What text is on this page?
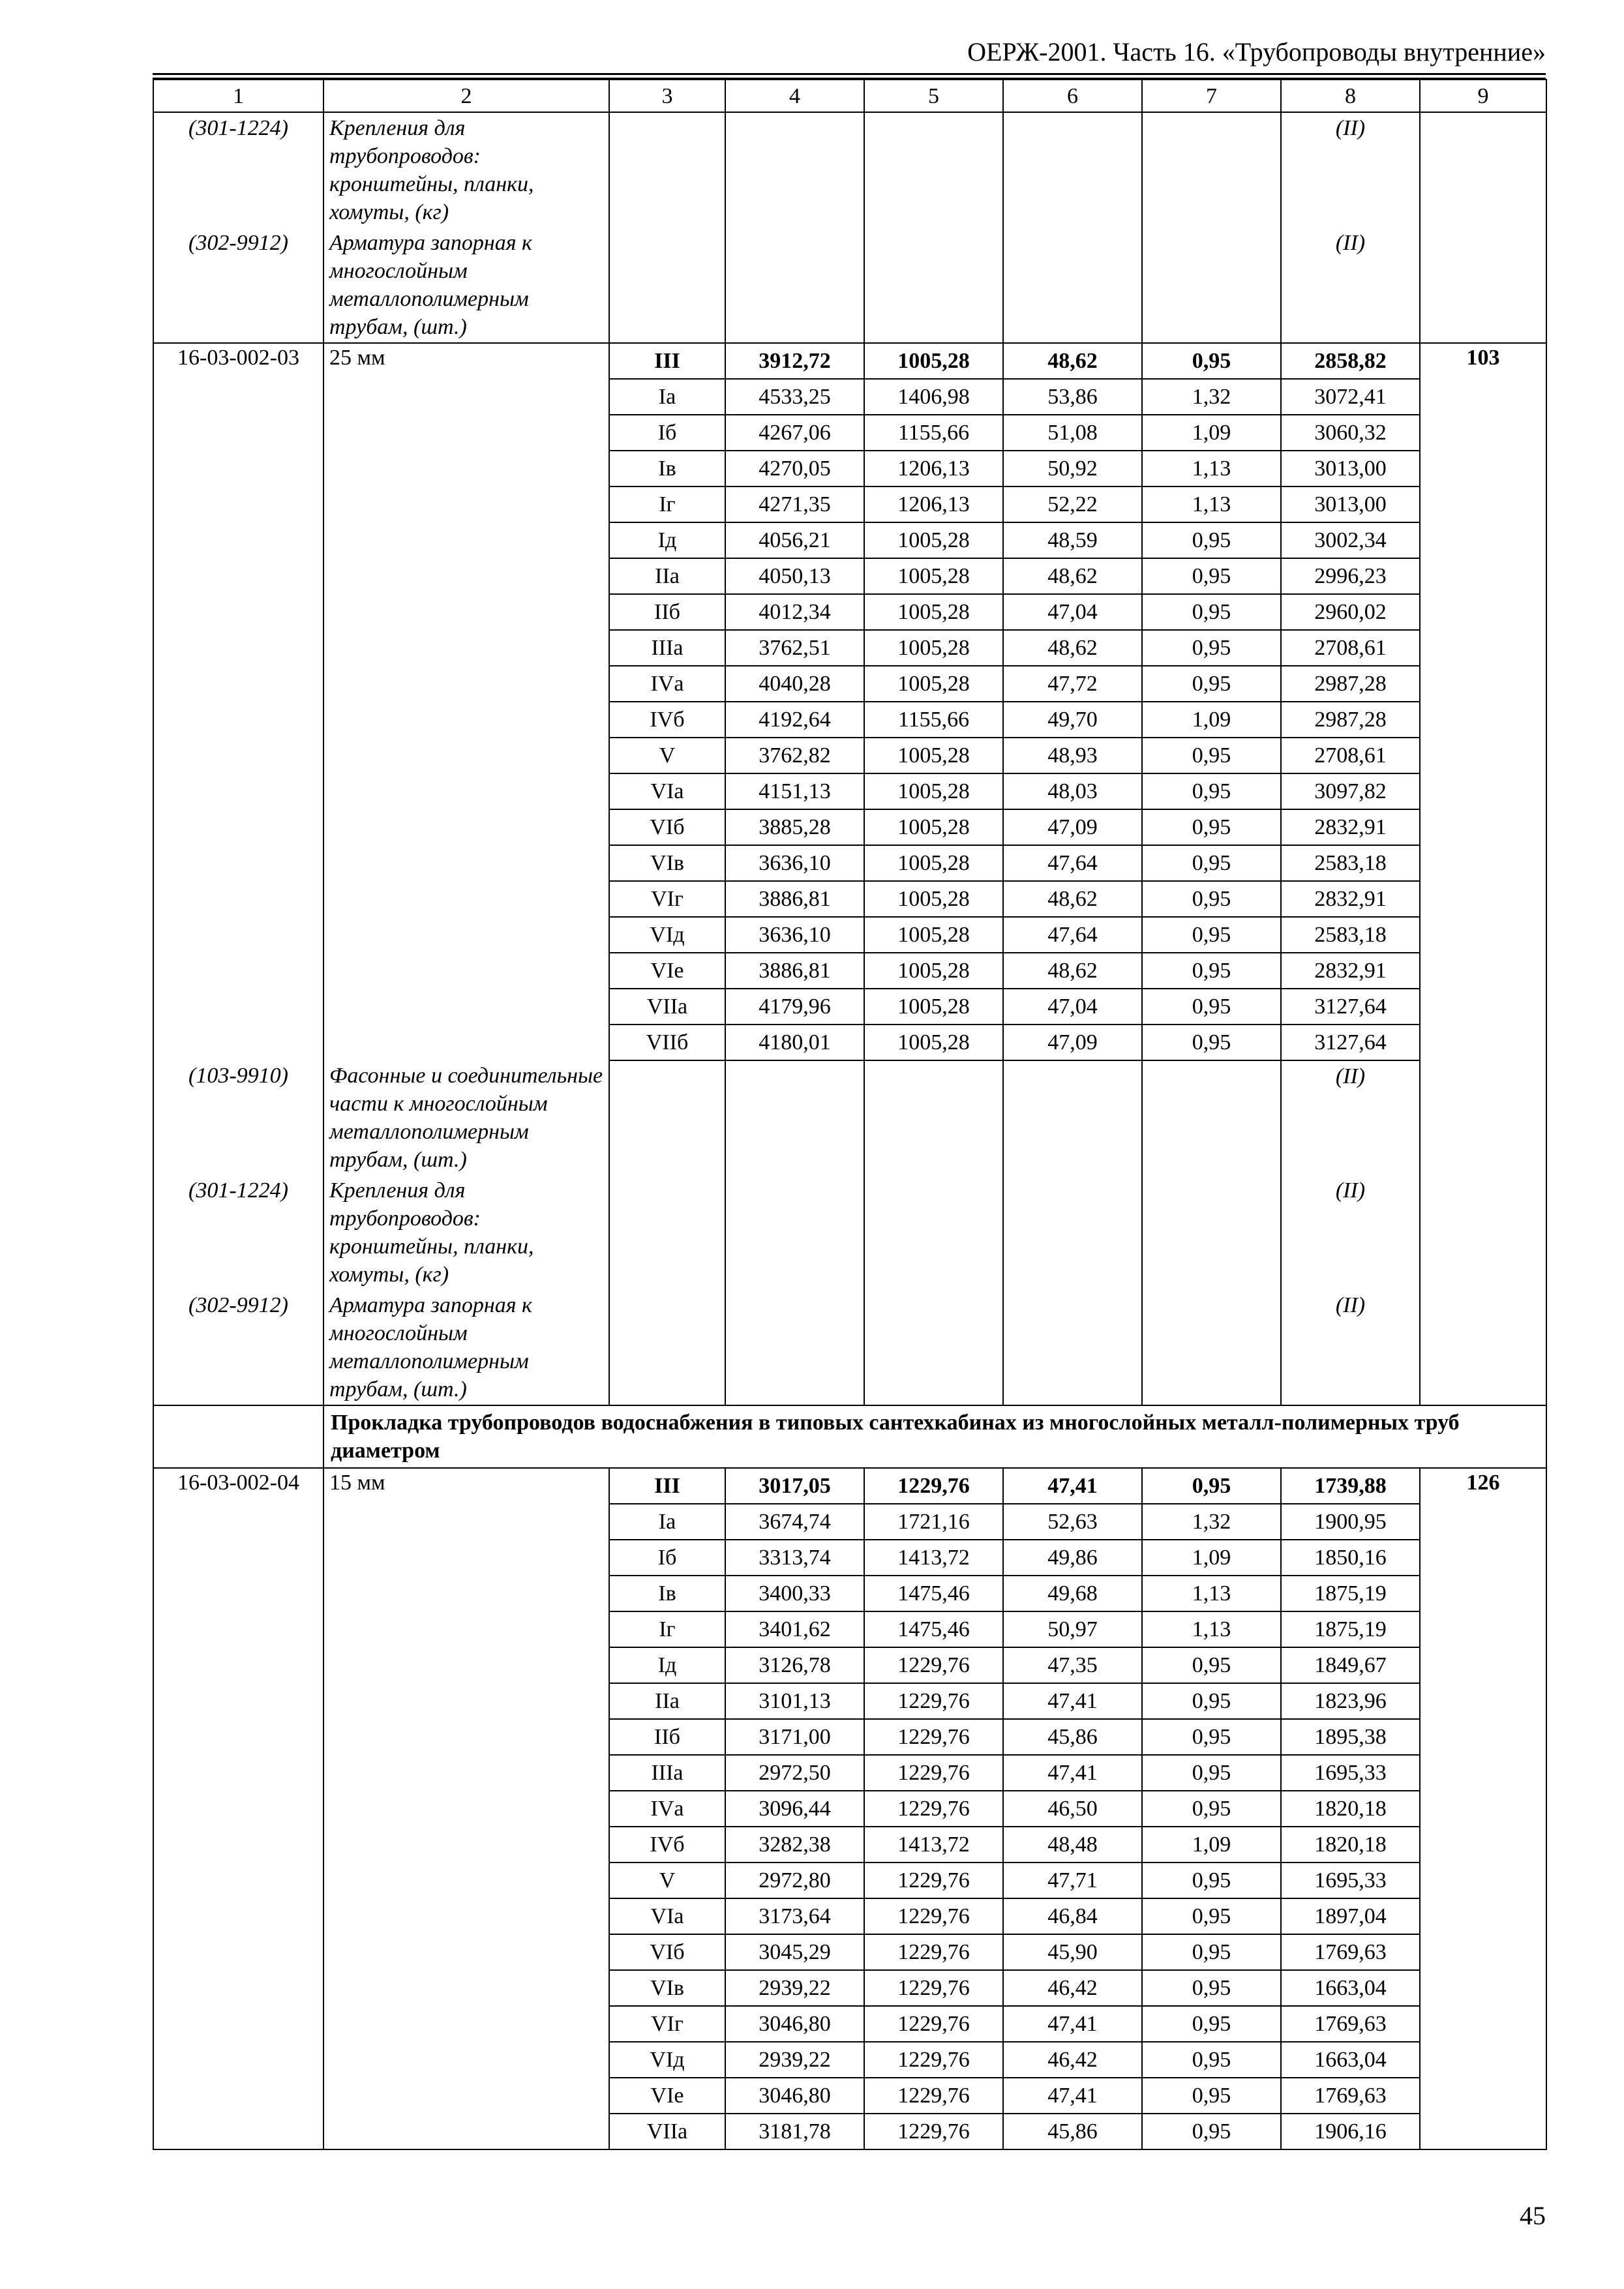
ОЕРЖ-2001. Часть 16. «Трубопроводы внутренние»
1	2	3	4	5	6	7	8	9
(301-1224)	Крепления для трубопроводов: кронштейны, планки, хомуты, (кг)						(II)	
(302-9912)	Арматура запорная к многослойным металлополимерным трубам, (шт.)						(II)	
16-03-002-03	25 мм	III	3912,72	1005,28	48,62	0,95	2858,82	103
		Iа	4533,25	1406,98	53,86	1,32	3072,41	
		Iб	4267,06	1155,66	51,08	1,09	3060,32	
		Iв	4270,05	1206,13	50,92	1,13	3013,00	
		Iг	4271,35	1206,13	52,22	1,13	3013,00	
		Iд	4056,21	1005,28	48,59	0,95	3002,34	
		IIа	4050,13	1005,28	48,62	0,95	2996,23	
		IIб	4012,34	1005,28	47,04	0,95	2960,02	
		IIIа	3762,51	1005,28	48,62	0,95	2708,61	
		IVа	4040,28	1005,28	47,72	0,95	2987,28	
		IVб	4192,64	1155,66	49,70	1,09	2987,28	
		V	3762,82	1005,28	48,93	0,95	2708,61	
		VIа	4151,13	1005,28	48,03	0,95	3097,82	
		VIб	3885,28	1005,28	47,09	0,95	2832,91	
		VIв	3636,10	1005,28	47,64	0,95	2583,18	
		VIг	3886,81	1005,28	48,62	0,95	2832,91	
		VIд	3636,10	1005,28	47,64	0,95	2583,18	
		VIе	3886,81	1005,28	48,62	0,95	2832,91	
		VIIа	4179,96	1005,28	47,04	0,95	3127,64	
		VIIб	4180,01	1005,28	47,09	0,95	3127,64	
(103-9910)	Фасонные и соединительные части к многослойным металлополимерным трубам, (шт.)						(II)	
(301-1224)	Крепления для трубопроводов: кронштейны, планки, хомуты, (кг)						(II)	
(302-9912)	Арматура запорная к многослойным металлополимерным трубам, (шт.)						(II)	
	Прокладка трубопроводов водоснабжения в типовых сантехкабинах из многослойных металл-полимерных труб диаметром							
16-03-002-04	15 мм	III	3017,05	1229,76	47,41	0,95	1739,88	126
		Iа	3674,74	1721,16	52,63	1,32	1900,95	
		Iб	3313,74	1413,72	49,86	1,09	1850,16	
		Iв	3400,33	1475,46	49,68	1,13	1875,19	
		Iг	3401,62	1475,46	50,97	1,13	1875,19	
		Iд	3126,78	1229,76	47,35	0,95	1849,67	
		IIа	3101,13	1229,76	47,41	0,95	1823,96	
		IIб	3171,00	1229,76	45,86	0,95	1895,38	
		IIIа	2972,50	1229,76	47,41	0,95	1695,33	
		IVа	3096,44	1229,76	46,50	0,95	1820,18	
		IVб	3282,38	1413,72	48,48	1,09	1820,18	
		V	2972,80	1229,76	47,71	0,95	1695,33	
		VIа	3173,64	1229,76	46,84	0,95	1897,04	
		VIб	3045,29	1229,76	45,90	0,95	1769,63	
		VIв	2939,22	1229,76	46,42	0,95	1663,04	
		VIг	3046,80	1229,76	47,41	0,95	1769,63	
		VIд	2939,22	1229,76	46,42	0,95	1663,04	
		VIе	3046,80	1229,76	47,41	0,95	1769,63	
		VIIа	3181,78	1229,76	45,86	0,95	1906,16	
45
